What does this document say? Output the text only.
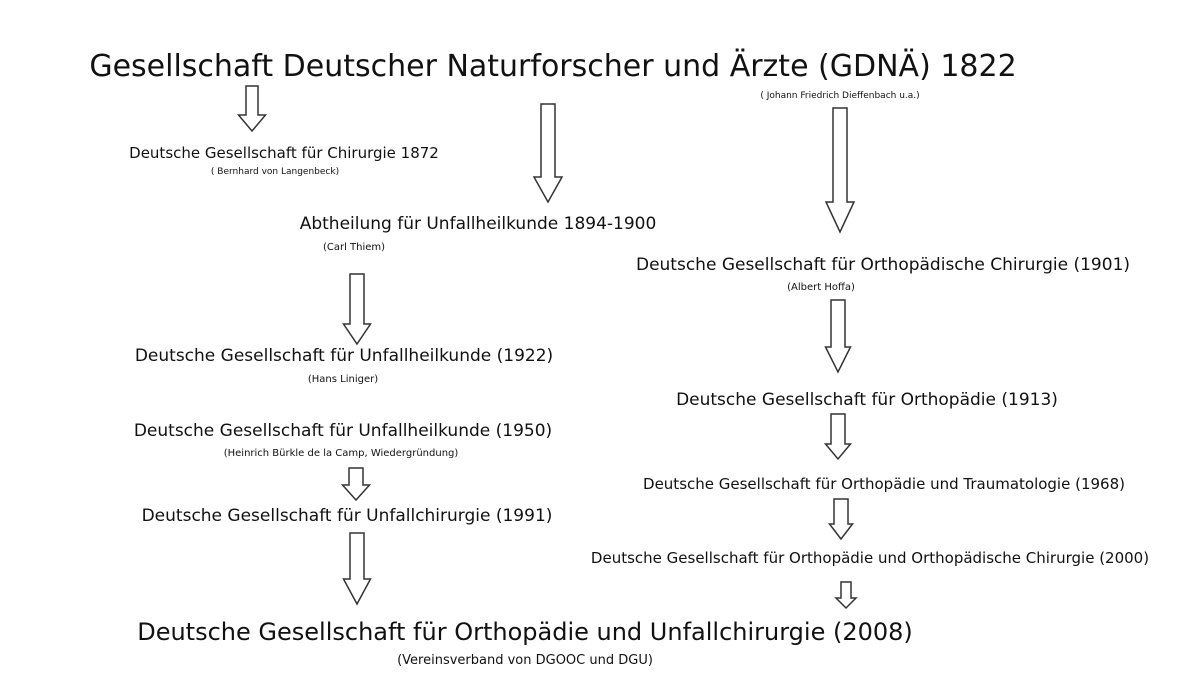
Gesellschaft Deutscher Naturforscher und Ärzte (GDNÄ) 1822
( Johann Friedrich Dieffenbach u.a.)
Deutsche Gesellschaft für Chirurgie 1872
( Bernhard von Langenbeck)
Abtheilung für Unfallheilkunde 1894-1900
(Carl Thiem)
Deutsche Gesellschaft für Unfallheilkunde (1922)
(Hans Liniger)
Deutsche Gesellschaft für Unfallheilkunde (1950)
(Heinrich Bürkle de la Camp, Wiedergründung)
Deutsche Gesellschaft für Unfallchirurgie (1991)
Deutsche Gesellschaft für Orthopädische Chirurgie (1901)
(Albert Hoffa)
Deutsche Gesellschaft für Orthopädie (1913)
Deutsche Gesellschaft für Orthopädie und Traumatologie (1968)
Deutsche Gesellschaft für Orthopädie und Orthopädische Chirurgie (2000)
Deutsche Gesellschaft für Orthopädie und Unfallchirurgie (2008)
(Vereinsverband von DGOOC und DGU)
